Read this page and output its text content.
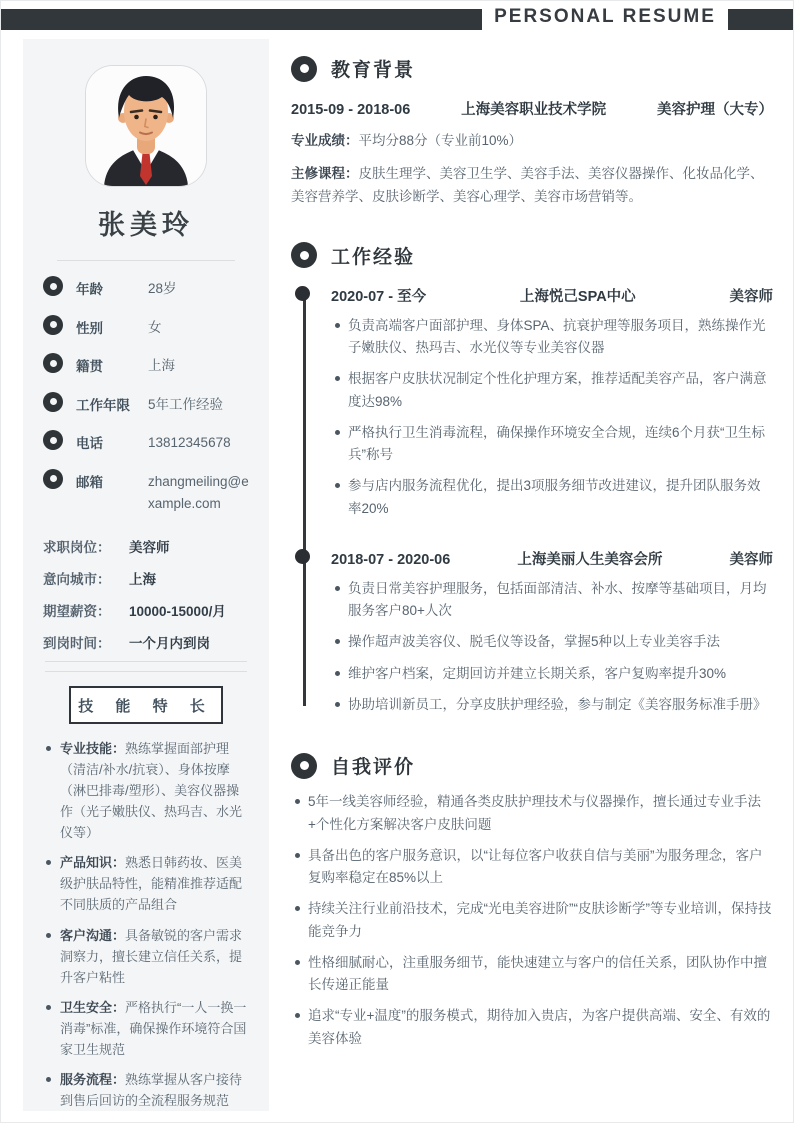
PERSONAL RESUME
张美玲
年龄	28岁
性别	女
籍贯	上海
工作年限	5年工作经验
电话	13812345678
邮箱	zhangmeiling@example.com
求职岗位：	美容师
意向城市：	上海
期望薪资：	10000-15000/月
到岗时间：	一个月内到岗
技 能 特 长
专业技能：熟练掌握面部护理（清洁/补水/抗衰）、身体按摩（淋巴排毒/塑形）、美容仪器操作（光子嫩肤仪、热玛吉、水光仪等）
产品知识：熟悉日韩药妆、医美级护肤品特性，能精准推荐适配不同肤质的产品组合
客户沟通：具备敏锐的客户需求洞察力，擅长建立信任关系，提升客户粘性
卫生安全：严格执行“一人一换一消毒”标准，确保操作环境符合国家卫生规范
服务流程：熟练掌握从客户接待到售后回访的全流程服务规范
教育背景
2015-09 - 2018-06	上海美容职业技术学院	美容护理（大专）
专业成绩：平均分88分（专业前10%）
主修课程：皮肤生理学、美容卫生学、美容手法、美容仪器操作、化妆品化学、美容营养学、皮肤诊断学、美容心理学、美容市场营销等。
工作经验
2020-07 - 至今	上海悦己SPA中心	美容师
负责高端客户面部护理、身体SPA、抗衰护理等服务项目，熟练操作光子嫩肤仪、热玛吉、水光仪等专业美容仪器
根据客户皮肤状况制定个性化护理方案，推荐适配美容产品，客户满意度达98%
严格执行卫生消毒流程，确保操作环境安全合规，连续6个月获“卫生标兵”称号
参与店内服务流程优化，提出3项服务细节改进建议，提升团队服务效率20%
2018-07 - 2020-06	上海美丽人生美容会所	美容师
负责日常美容护理服务，包括面部清洁、补水、按摩等基础项目，月均服务客户80+人次
操作超声波美容仪、脱毛仪等设备，掌握5种以上专业美容手法
维护客户档案，定期回访并建立长期关系，客户复购率提升30%
协助培训新员工，分享皮肤护理经验，参与制定《美容服务标准手册》
自我评价
5年一线美容师经验，精通各类皮肤护理技术与仪器操作，擅长通过专业手法+个性化方案解决客户皮肤问题
具备出色的客户服务意识，以“让每位客户收获自信与美丽”为服务理念，客户复购率稳定在85%以上
持续关注行业前沿技术，完成“光电美容进阶”“皮肤诊断学”等专业培训，保持技能竞争力
性格细腻耐心，注重服务细节，能快速建立与客户的信任关系，团队协作中擅长传递正能量
追求“专业+温度”的服务模式，期待加入贵店，为客户提供高端、安全、有效的美容体验
